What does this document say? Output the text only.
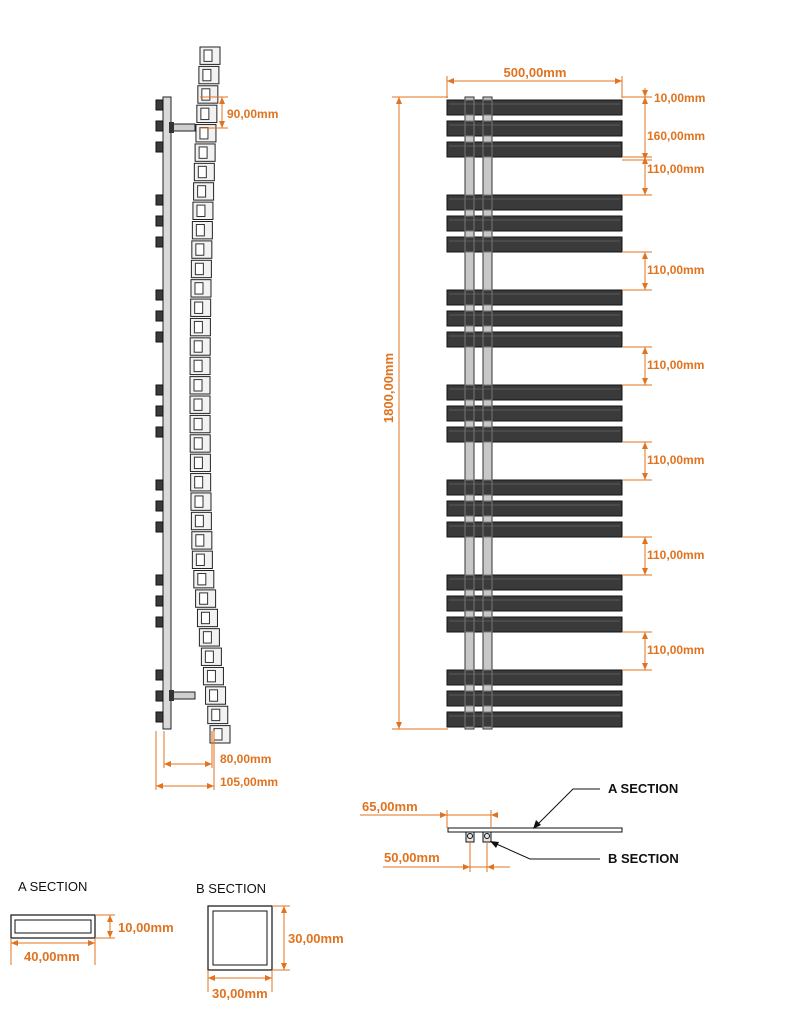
90,00mm
80,00mm
105,00mm
500,00mm
1800,00mm
10,00mm
160,00mm
110,00mm
110,00mm
110,00mm
110,00mm
110,00mm
110,00mm
65,00mm
50,00mm
A SECTION
B SECTION
A SECTION
10,00mm
40,00mm
B SECTION
30,00mm
30,00mm
